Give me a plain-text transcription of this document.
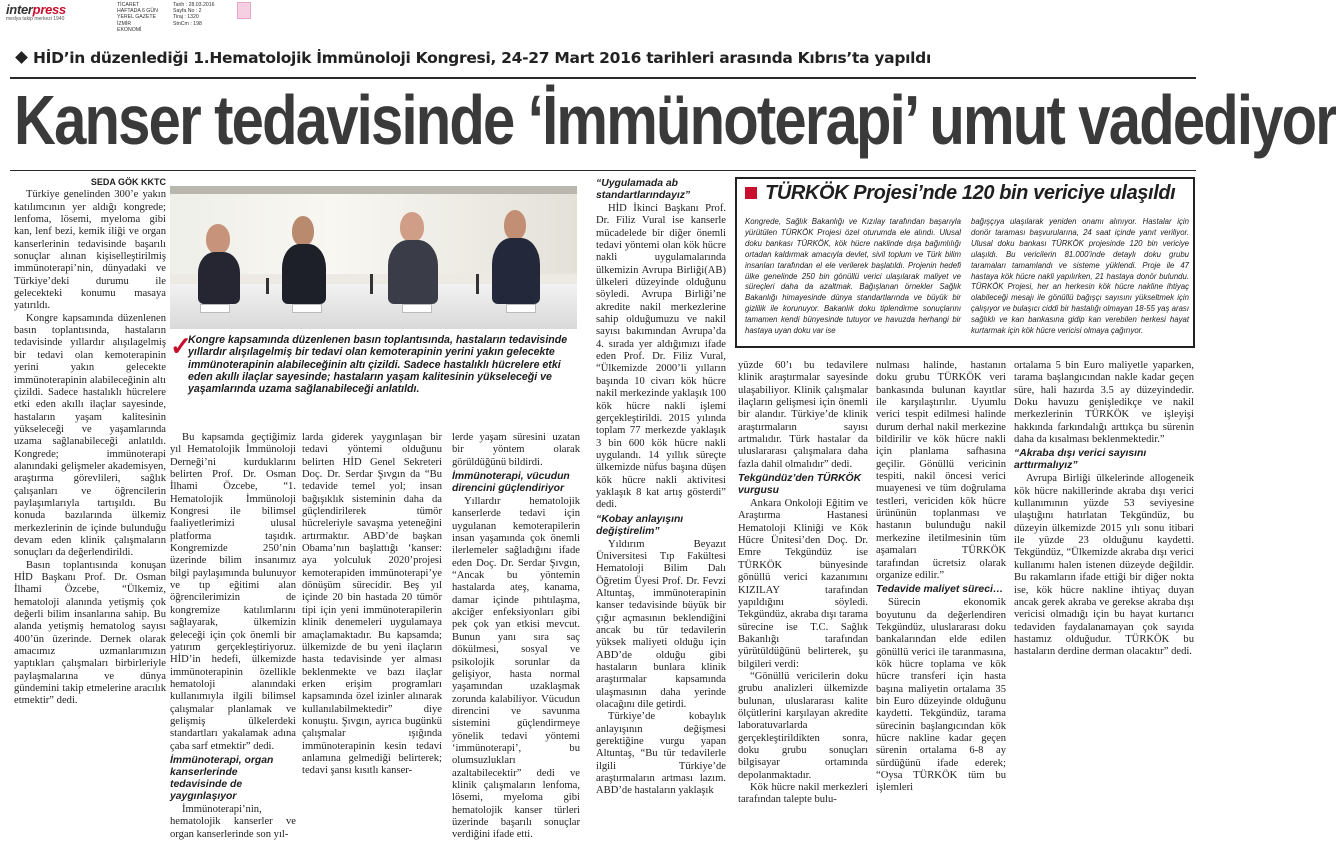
interpress
medya takip merkezi 1940
TİCARET
HAFTADA 6 GÜN YEREL GAZETE
İZMİR
EKONOMİ
Tarih : 28.03.2016
Sayfa No : 2
Tiraj : 1320
StnCm : 198
HİD’in düzenlediği 1.Hematolojik İmmünoloji Kongresi, 24-27 Mart 2016 tarihleri arasında Kıbrıs’ta yapıldı
Kanser tedavisinde ‘İmmünoterapi’ umut vadediyor

SEDA GÖK KKTC

Türkiye genelinden 300’e yakın katılımcının yer aldığı kongrede; lenfoma, lösemi, myeloma gibi kan, lenf bezi, kemik iliği ve organ kanserlerinin tedavisinde başarılı sonuçlar alınan kişiselleştirilmiş immünoterapi’nin, dünyadaki ve Türkiye’deki durumu ile gelecekteki konumu masaya yatırıldı.

Kongre kapsamında düzenlenen basın toplantısında, hastaların tedavisinde yıllardır alışılagelmiş bir tedavi olan kemoterapinin yerini yakın gelecekte immünoterapinin alabileceğinin altı çizildi. Sadece hastalıklı hücrelere etki eden akıllı ilaçlar sayesinde, hastaların yaşam kalitesinin yükseleceği ve yaşamlarında uzama sağlanabileceği anlatıldı. Kongrede; immünoterapi alanındaki gelişmeler akademisyen, araştırma görevlileri, sağlık çalışanları ve öğrencilerin paylaşımlarıyla tartışıldı. Bu konuda bazılarında ülkemiz merkezlerinin de içinde bulunduğu devam eden klinik çalışmaların sonuçları da değerlendirildi.

Basın toplantısında konuşan HİD Başkanı Prof. Dr. Osman İlhami Özcebe, “Ülkemiz, hematoloji alanında yetişmiş çok değerli bilim insanlarına sahip. Bu alanda yetişmiş hematolog sayısı 400’ün üzerinde. Dernek olarak amacımız uzmanlarımızın yaptıkları çalışmaları birbirleriyle paylaşmalarına ve dünya gündemini takip etmelerine aracılık etmektir” dedi.

✓
Kongre kapsamında düzenlenen basın toplantısında, hastaların tedavisinde yıllardır alışılagelmiş bir tedavi olan kemoterapinin yerini yakın gelecekte immünoterapinin alabileceğinin altı çizildi. Sadece hastalıklı hücrelere etki eden akıllı ilaçlar sayesinde; hastaların yaşam kalitesinin yükseleceği ve yaşamlarında uzama sağlanabileceği anlatıldı.

Bu kapsamda geçtiğimiz yıl Hematolojik İmmünoloji Derneği’ni kurduklarını belirten Prof. Dr. Osman İlhami Özcebe, “1. Hematolojik İmmünoloji Kongresi ile bilimsel faaliyetlerimizi ulusal platforma taşıdık. Kongremizde 250’nin üzerinde bilim insanımız bilgi paylaşımında bulunuyor ve tıp eğitimi alan öğrencilerimizin de kongremize katılımlarını sağlayarak, ülkemizin geleceği için çok önemli bir yatırım gerçekleştiriyoruz. HİD’in hedefi, ülkemizde immünoterapinin özellikle hematoloji alanındaki kullanımıyla ilgili bilimsel çalışmalar planlamak ve gelişmiş ülkelerdeki standartları yakalamak adına çaba sarf etmektir” dedi.

İmmünoterapi, organ kanserlerinde tedavisinde de yaygınlaşıyor

İmmünoterapi’nin, hematolojik kanserler ve organ kanserlerinde son yıl-

larda giderek yaygınlaşan bir tedavi yöntemi olduğunu belirten HİD Genel Sekreteri Doç. Dr. Serdar Şıvgın da “Bu tedavide temel yol; insan bağışıklık sisteminin daha da güçlendirilerek tümör hücreleriyle savaşma yeteneğini artırmaktır. ABD’de başkan Obama’nın başlattığı ‘kanser: aya yolculuk 2020’projesi kemoterapiden immünoterapi’ye dönüşüm sürecidir. Beş yıl içinde 20 bin hastada 20 tümör tipi için yeni immünoterapilerin klinik denemeleri uygulamaya amaçlamaktadır. Bu kapsamda; ülkemizde de bu yeni ilaçların hasta tedavisinde yer alması beklenmekte ve bazı ilaçlar erken erişim programları kapsamında özel izinler alınarak kullanılabilmektedir” diye konuştu. Şıvgın, ayrıca bugünkü çalışmalar ışığında immünoterapinin kesin tedavi anlamına gelmediği belirterek; tedavi şansı kısıtlı kanser-

lerde yaşam süresini uzatan bir yöntem olarak görüldüğünü bildirdi.

İmmünoterapi, vücudun direncini güçlendiriyor

Yıllardır hematolojik kanserlerde tedavi için uygulanan kemoterapilerin insan yaşamında çok önemli ilerlemeler sağladığını ifade eden Doç. Dr. Serdar Şıvgın, “Ancak bu yöntemin hastalarda ateş, kanama, damar içinde pıhtılaşma, akciğer enfeksiyonları gibi pek çok yan etkisi mevcut. Bunun yanı sıra saç dökülmesi, sosyal ve psikolojik sorunlar da gelişiyor, hasta normal yaşamından uzaklaşmak zorunda kalabiliyor. Vücudun direncini ve savunma sistemini güçlendirmeye yönelik tedavi yöntemi ‘immünoterapi’, bu olumsuzlukları azaltabilecektir” dedi ve klinik çalışmaların lenfoma, lösemi, myeloma gibi hematolojik kanser türleri üzerinde başarılı sonuçlar verdiğini ifade etti.

“Uygulamada ab standartlarındayız”

HİD İkinci Başkanı Prof. Dr. Filiz Vural ise kanserle mücadelede bir diğer önemli tedavi yöntemi olan kök hücre nakli uygulamalarında ülkemizin Avrupa Birliği(AB) ülkeleri düzeyinde olduğunu söyledi. Avrupa Birliği’ne akredite nakil merkezlerine sahip olduğumuzu ve nakil sayısı bakımından Avrupa’da 4. sırada yer aldığımızı ifade eden Prof. Dr. Filiz Vural, “Ülkemizde 2000’li yılların başında 10 civarı kök hücre nakil merkezinde yaklaşık 100 kök hücre nakli işlemi gerçekleştirildi. 2015 yılında toplam 77 merkezde yaklaşık 3 bin 600 kök hücre nakli uygulandı. 14 yıllık süreçte ülkemizde nüfus başına düşen kök hücre nakli aktivitesi yaklaşık 8 kat artış gösterdi” dedi.

“Kobay anlayışını değiştirelim”

Yıldırım Beyazıt Üniversitesi Tıp Fakültesi Hematoloji Bilim Dalı Öğretim Üyesi Prof. Dr. Fevzi Altuntaş, immünoterapinin kanser tedavisinde büyük bir çığır açmasının beklendiğini ancak bu tür tedavilerin yüksek maliyeti olduğu için ABD’de olduğu gibi hastaların bunlara klinik araştırmalar kapsamında ulaşmasının daha yerinde olacağını dile getirdi.

Türkiye’de kobaylık anlayışının değişmesi gerektiğine vurgu yapan Altuntaş, “Bu tür tedavilerle ilgili Türkiye’de araştırmaların artması lazım. ABD’de hastaların yaklaşık

TÜRKÖK Projesi’nde 120 bin vericiye ulaşıldı
Kongrede, Sağlık Bakanlığı ve Kızılay tarafından başarıyla yürütülen TÜRKÖK Projesi özel oturumda ele alındı. Ulusal doku bankası TÜRKÖK, kök hücre naklinde dışa bağımlılığı ortadan kaldırmak amacıyla devlet, sivil toplum ve Türk bilim insanları tarafından el ele verilerek başlatıldı. Projenin hedefi ülke genelinde 250 bin gönüllü verici ulaşılarak maliyet ve süreçleri daha da azaltmak. Bağışlanan örnekler Sağlık Bakanlığı himayesinde dünya standartlarında ve büyük bir gizlilik ile korunuyor. Bakanlık doku tiplendirme sonuçlarını tamamen kendi bünyesinde tutuyor ve havuzda herhangi bir hastaya uyan doku var ise
bağışçıya ulaşılarak yeniden onamı alınıyor. Hastalar için donör taraması başvurularına, 24 saat içinde yanıt veriliyor. Ulusal doku bankası TÜRKÖK projesinde 120 bin vericiye ulaşıldı. Bu vericilerin 81.000’inde detaylı doku grubu taramaları tamamlandı ve sisteme yüklendi. Proje ile 47 hastaya kök hücre nakli yapılırken, 21 hastaya donör bulundu. TÜRKÖK Projesi, her an herkesin kök hücre nakline ihtiyaç olabileceği mesajı ile gönüllü bağışçı sayısını yükseltmek için çalışıyor ve bulaşıcı ciddi bir hastalığı olmayan 18-55 yaş arası sağlıklı ve kan bankasına gidip kan verebilen herkesi hayat kurtarmak için kök hücre vericisi olmaya çağırıyor.

yüzde 60’ı bu tedavilere klinik araştırmalar sayesinde ulaşabiliyor. Klinik çalışmalar ilaçların gelişmesi için önemli bir alandır. Türkiye’de klinik araştırmaların sayısı artmalıdır. Türk hastalar da uluslararası çalışmalara daha fazla dahil olmalıdır” dedi.

Tekgündüz’den TÜRKÖK vurgusu

Ankara Onkoloji Eğitim ve Araştırma Hastanesi Hematoloji Kliniği ve Kök Hücre Ünitesi’den Doç. Dr. Emre Tekgündüz ise TÜRKÖK bünyesinde gönüllü verici kazanımını KIZILAY tarafından yapıldığını söyledi. Tekgündüz, akraba dışı tarama sürecine ise T.C. Sağlık Bakanlığı tarafından yürütüldüğünü belirterek, şu bilgileri verdi:

“Gönüllü vericilerin doku grubu analizleri ülkemizde bulunan, uluslararası kalite ölçütlerini karşılayan akredite laboratuvarlarda gerçekleştirildikten sonra, doku grubu sonuçları bilgisayar ortamında depolanmaktadır.

Kök hücre nakil merkezleri tarafından talepte bulu-

nulması halinde, hastanın doku grubu TÜRKÖK veri bankasında bulunan kayıtlar ile karşılaştırılır. Uyumlu verici tespit edilmesi halinde durum derhal nakil merkezine bildirilir ve kök hücre nakli için planlama safhasına geçilir. Gönüllü vericinin tespiti, nakil öncesi verici muayenesi ve tüm doğrulama testleri, vericiden kök hücre ürününün toplanması ve hastanın bulunduğu nakil merkezine iletilmesinin tüm aşamaları TÜRKÖK tarafından ücretsiz olarak organize edilir.”

Tedavide maliyet süreci…

Sürecin ekonomik boyutunu da değerlendiren Tekgündüz, uluslararası doku bankalarından elde edilen gönüllü verici ile taranmasına, kök hücre toplama ve kök hücre transferi için hasta başına maliyetin ortalama 35 bin Euro düzeyinde olduğunu kaydetti. Tekgündüz, tarama sürecinin başlangıcından kök hücre nakline kadar geçen sürenin ortalama 6-8 ay sürdüğünü ifade ederek; “Oysa TÜRKÖK tüm bu işlemleri

ortalama 5 bin Euro maliyetle yaparken, tarama başlangıcından nakle kadar geçen süre, hali hazırda 3.5 ay düzeyindedir. Doku havuzu genişledikçe ve nakil merkezlerinin TÜRKÖK ve işleyişi hakkında farkındalığı arttıkça bu sürenin daha da kısalması beklenmektedir.”

“Akraba dışı verici sayısını arttırmalıyız”

Avrupa Birliği ülkelerinde allogeneik kök hücre nakillerinde akraba dışı verici kullanımının yüzde 53 seviyesine ulaştığını hatırlatan Tekgündüz, bu düzeyin ülkemizde 2015 yılı sonu itibari ile yüzde 23 olduğunu kaydetti. Tekgündüz, “Ülkemizde akraba dışı verici kullanımı halen istenen düzeyde değildir. Bu rakamların ifade ettiği bir diğer nokta ise, kök hücre nakline ihtiyaç duyan ancak gerek akraba ve gerekse akraba dışı vericisi olmadığı için bu hayat kurtarıcı tedaviden faydalanamayan çok sayıda hastamız olduğudur. TÜRKÖK bu hastaların derdine derman olacaktır” dedi.
